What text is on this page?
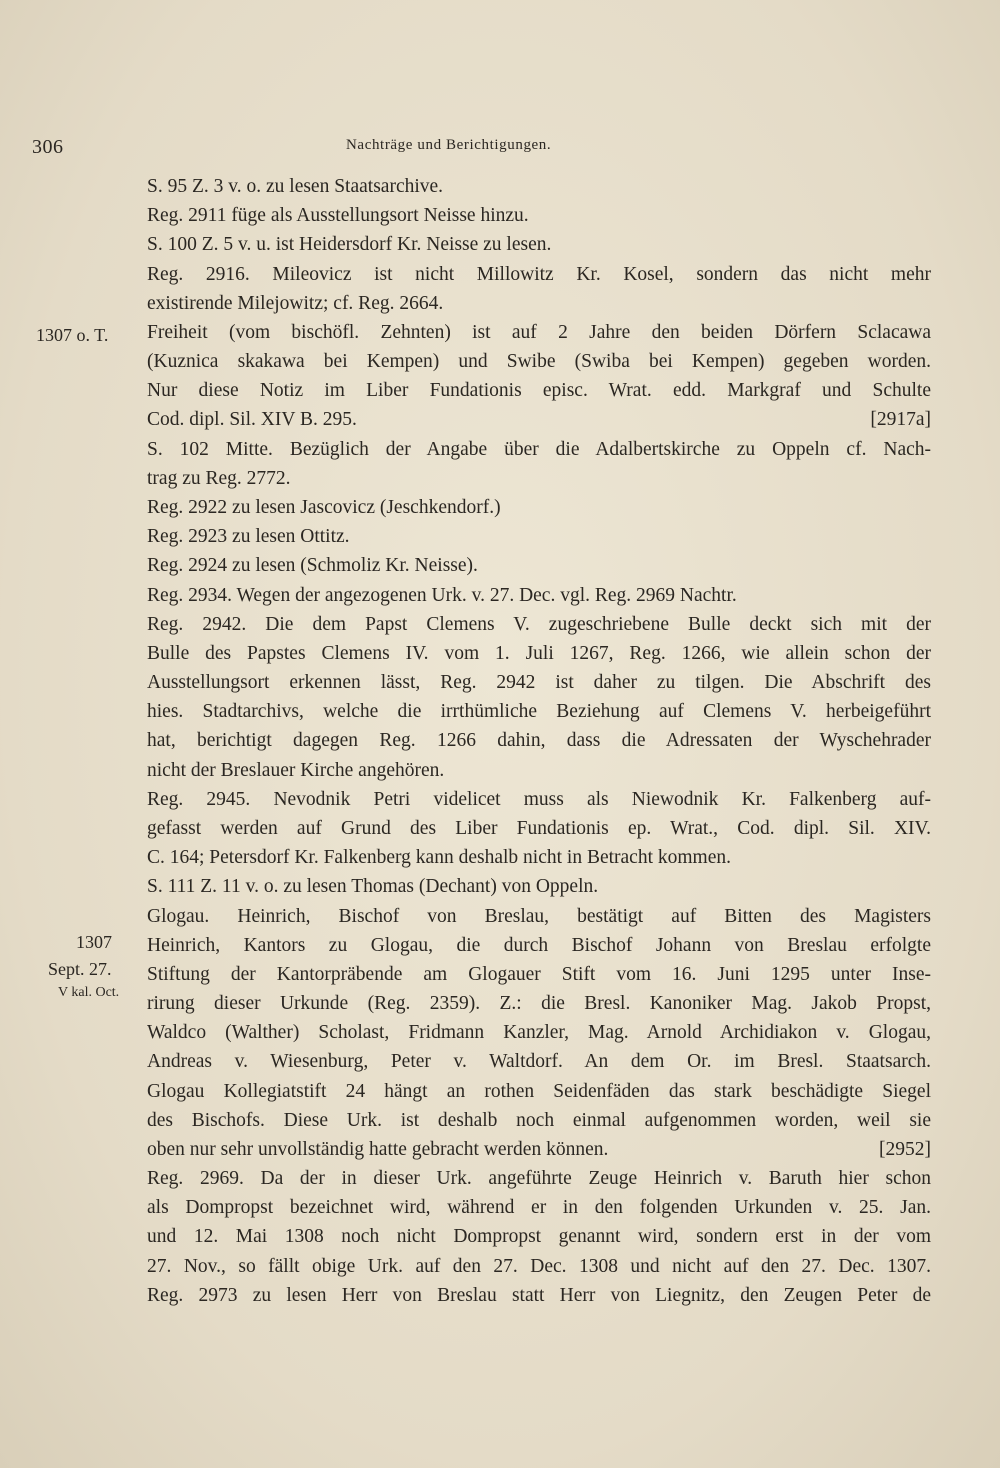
306	Nachträge und Berichtigungen.
1307 o. T.
1307
Sept. 27.
V kal. Oct.
S. 95 Z. 3 v. o. zu lesen Staatsarchive.
Reg. 2911 füge als Ausstellungsort Neisse hinzu.
S. 100 Z. 5 v. u. ist Heidersdorf Kr. Neisse zu lesen.
Reg. 2916. Mileovicz ist nicht Millowitz Kr. Kosel, sondern das nicht mehr
existirende Milejowitz; cf. Reg. 2664.
Freiheit (vom bischöfl. Zehnten) ist auf 2 Jahre den beiden Dörfern Sclacawa
(Kuznica skakawa bei Kempen) und Swibe (Swiba bei Kempen) gegeben worden.
Nur diese Notiz im Liber Fundationis episc. Wrat. edd. Markgraf und Schulte
Cod. dipl. Sil. XIV B. 295.	[2917a]
S. 102 Mitte. Bezüglich der Angabe über die Adalbertskirche zu Oppeln cf. Nach-
trag zu Reg. 2772.
Reg. 2922 zu lesen Jascovicz (Jeschkendorf.)
Reg. 2923 zu lesen Ottitz.
Reg. 2924 zu lesen (Schmoliz Kr. Neisse).
Reg. 2934. Wegen der angezogenen Urk. v. 27. Dec. vgl. Reg. 2969 Nachtr.
Reg. 2942. Die dem Papst Clemens V. zugeschriebene Bulle deckt sich mit der
Bulle des Papstes Clemens IV. vom 1. Juli 1267, Reg. 1266, wie allein schon der
Ausstellungsort erkennen lässt, Reg. 2942 ist daher zu tilgen. Die Abschrift des
hies. Stadtarchivs, welche die irrthümliche Beziehung auf Clemens V. herbeigeführt
hat, berichtigt dagegen Reg. 1266 dahin, dass die Adressaten der Wyschehrader
nicht der Breslauer Kirche angehören.
Reg. 2945. Nevodnik Petri videlicet muss als Niewodnik Kr. Falkenberg auf-
gefasst werden auf Grund des Liber Fundationis ep. Wrat., Cod. dipl. Sil. XIV.
C. 164; Petersdorf Kr. Falkenberg kann deshalb nicht in Betracht kommen.
S. 111 Z. 11 v. o. zu lesen Thomas (Dechant) von Oppeln.
Glogau. Heinrich, Bischof von Breslau, bestätigt auf Bitten des Magisters
Heinrich, Kantors zu Glogau, die durch Bischof Johann von Breslau erfolgte
Stiftung der Kantorpräbende am Glogauer Stift vom 16. Juni 1295 unter Inse-
rirung dieser Urkunde (Reg. 2359). Z.: die Bresl. Kanoniker Mag. Jakob Propst,
Waldco (Walther) Scholast, Fridmann Kanzler, Mag. Arnold Archidiakon v. Glogau,
Andreas v. Wiesenburg, Peter v. Waltdorf. An dem Or. im Bresl. Staatsarch.
Glogau Kollegiatstift 24 hängt an rothen Seidenfäden das stark beschädigte Siegel
des Bischofs. Diese Urk. ist deshalb noch einmal aufgenommen worden, weil sie
oben nur sehr unvollständig hatte gebracht werden können.	[2952]
Reg. 2969. Da der in dieser Urk. angeführte Zeuge Heinrich v. Baruth hier schon
als Dompropst bezeichnet wird, während er in den folgenden Urkunden v. 25. Jan.
und 12. Mai 1308 noch nicht Dompropst genannt wird, sondern erst in der vom
27. Nov., so fällt obige Urk. auf den 27. Dec. 1308 und nicht auf den 27. Dec. 1307.
Reg. 2973 zu lesen Herr von Breslau statt Herr von Liegnitz, den Zeugen Peter de
